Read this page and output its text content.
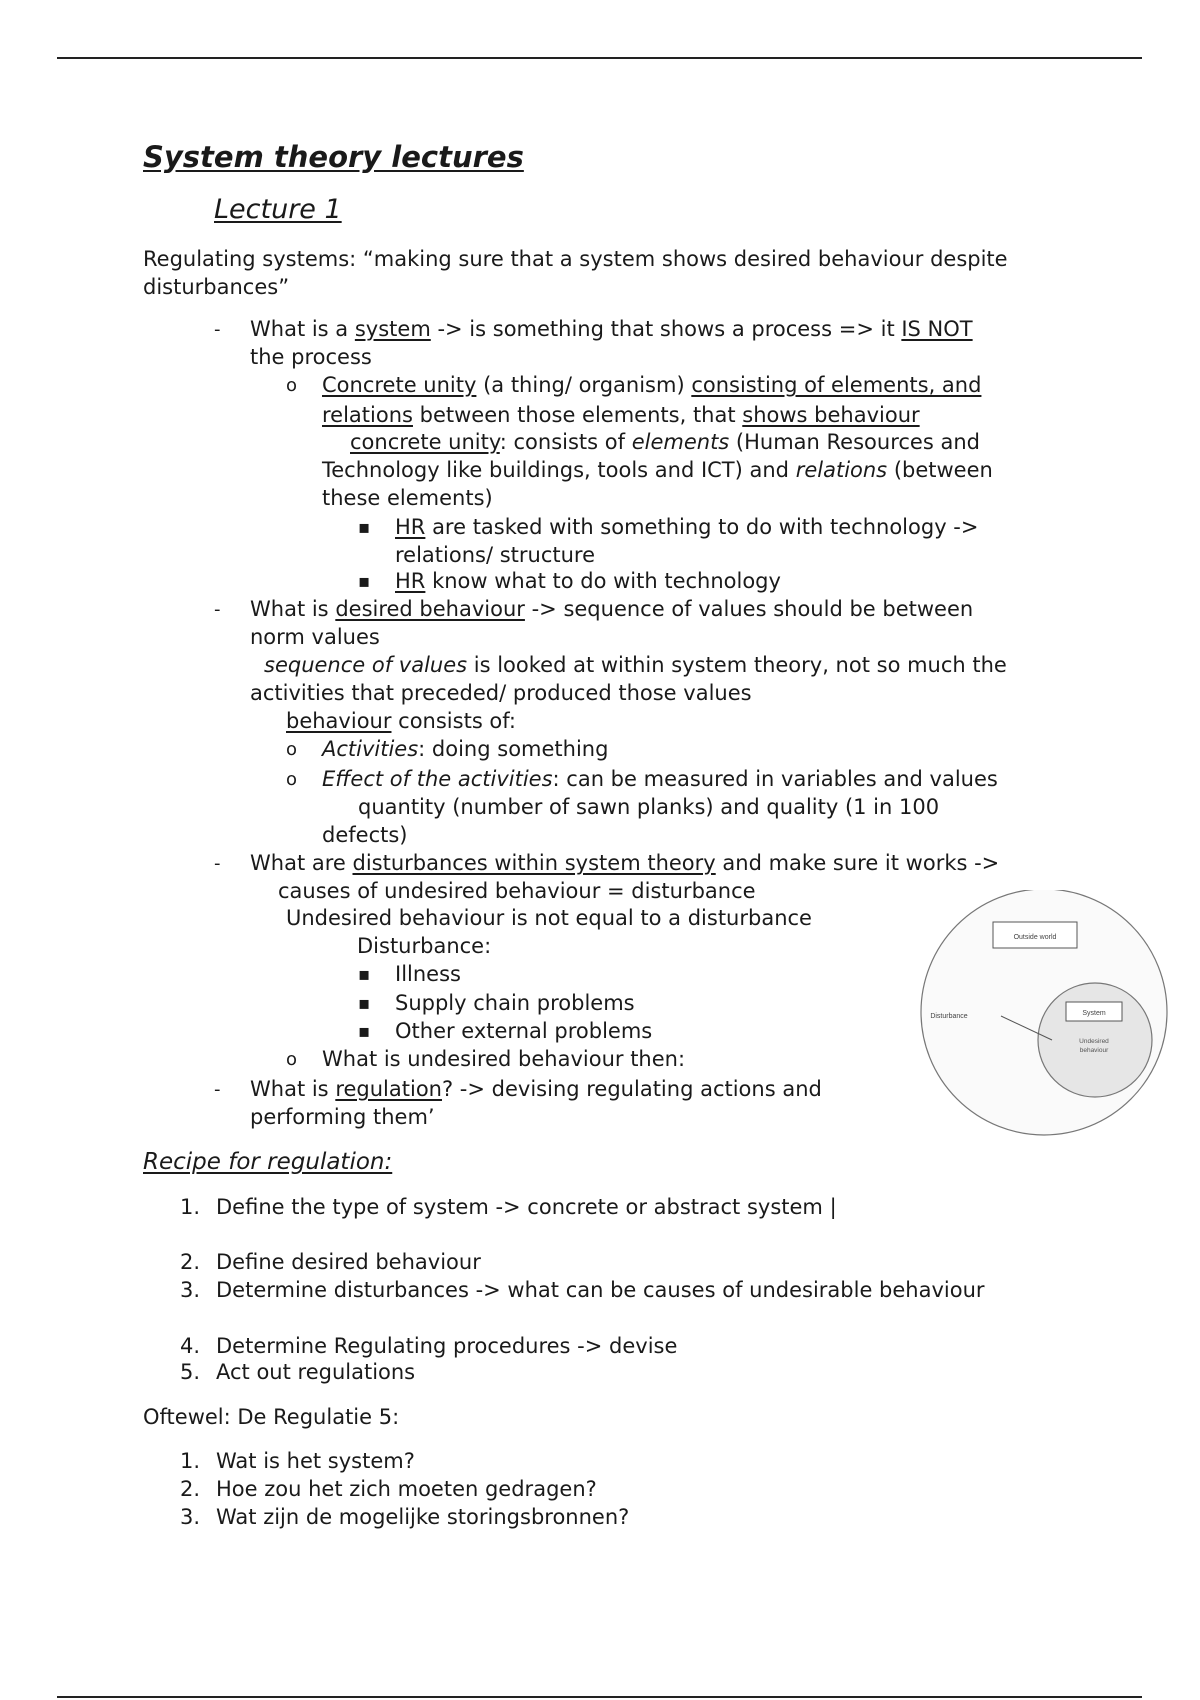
System theory lectures
Lecture 1
Regulating systems: “making sure that a system shows desired behaviour despite
disturbances”
- What is a system -> is something that shows a process => it IS NOT
the process
o Concrete unity (a thing/ organism) consisting of elements, and
relations between those elements, that shows behaviour
concrete unity: consists of elements (Human Resources and
Technology like buildings, tools and ICT) and relations (between
these elements)
▪ HR are tasked with something to do with technology ->
relations/ structure
▪ HR know what to do with technology
- What is desired behaviour -> sequence of values should be between
norm values
sequence of values is looked at within system theory, not so much the
activities that preceded/ produced those values
behaviour consists of:
o Activities: doing something
o Effect of the activities: can be measured in variables and values
quantity (number of sawn planks) and quality (1 in 100
defects)
- What are disturbances within system theory and make sure it works ->
causes of undesired behaviour = disturbance
Undesired behaviour is not equal to a disturbance
Disturbance:
▪ Illness
▪ Supply chain problems
▪ Other external problems
o What is undesired behaviour then:
- What is regulation? -> devising regulating actions and
performing them’
Outside world
System
Disturbance
Undesired
behaviour
Recipe for regulation:
1. Define the type of system -> concrete or abstract system |
2. Define desired behaviour
3. Determine disturbances -> what can be causes of undesirable behaviour
4. Determine Regulating procedures -> devise
5. Act out regulations
Oftewel: De Regulatie 5:
1. Wat is het system?
2. Hoe zou het zich moeten gedragen?
3. Wat zijn de mogelijke storingsbronnen?
